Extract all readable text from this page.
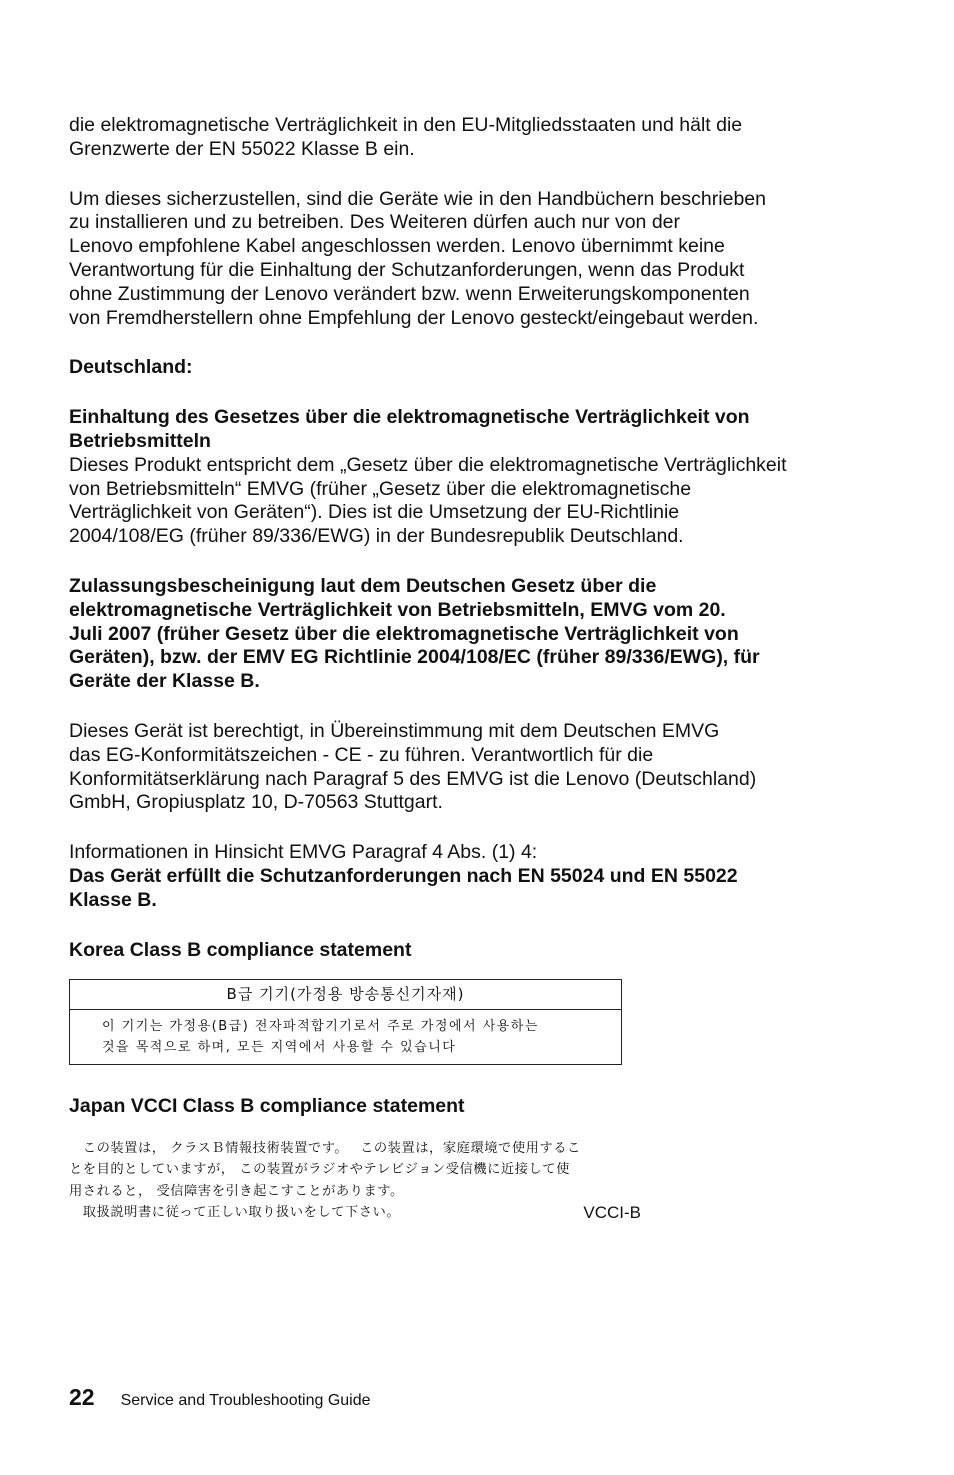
die elektromagnetische Verträglichkeit in den EU-Mitgliedsstaaten und hält die
Grenzwerte der EN 55022 Klasse B ein.

Um dieses sicherzustellen, sind die Geräte wie in den Handbüchern beschrieben
zu installieren und zu betreiben. Des Weiteren dürfen auch nur von der
Lenovo empfohlene Kabel angeschlossen werden. Lenovo übernimmt keine
Verantwortung für die Einhaltung der Schutzanforderungen, wenn das Produkt
ohne Zustimmung der Lenovo verändert bzw. wenn Erweiterungskomponenten
von Fremdherstellern ohne Empfehlung der Lenovo gesteckt/eingebaut werden.

Deutschland:

Einhaltung des Gesetzes über die elektromagnetische Verträglichkeit von
Betriebsmitteln

Dieses Produkt entspricht dem „Gesetz über die elektromagnetische Verträglichkeit
von Betriebsmitteln“ EMVG (früher „Gesetz über die elektromagnetische
Verträglichkeit von Geräten“). Dies ist die Umsetzung der EU-Richtlinie
2004/108/EG (früher 89/336/EWG) in der Bundesrepublik Deutschland.

Zulassungsbescheinigung laut dem Deutschen Gesetz über die
elektromagnetische Verträglichkeit von Betriebsmitteln, EMVG vom 20.
Juli 2007 (früher Gesetz über die elektromagnetische Verträglichkeit von
Geräten), bzw. der EMV EG Richtlinie 2004/108/EC (früher 89/336/EWG), für
Geräte der Klasse B.

Dieses Gerät ist berechtigt, in Übereinstimmung mit dem Deutschen EMVG
das EG-Konformitätszeichen - CE - zu führen. Verantwortlich für die
Konformitätserklärung nach Paragraf 5 des EMVG ist die Lenovo (Deutschland)
GmbH, Gropiusplatz 10, D-70563 Stuttgart.

Informationen in Hinsicht EMVG Paragraf 4 Abs. (1) 4:

Das Gerät erfüllt die Schutzanforderungen nach EN 55024 und EN 55022
Klasse B.

Korea Class B compliance statement

B급 기기(가정용 방송통신기자재)
이 기기는 가정용(B급) 전자파적합기기로서 주로 가정에서 사용하는
것을 목적으로 하며, 모든 지역에서 사용할 수 있습니다

Japan VCCI Class B compliance statement

　この装置は， クラスＢ情報技術装置です。　 この装置は，家庭環境で使用するこ
とを目的としていますが， この装置がラジオやテレビジョン受信機に近接して使
用されると， 受信障害を引き起こすことがあります。
　取扱説明書に従って正しい取り扱いをして下さい。	VCCI-B
22 Service and Troubleshooting Guide
